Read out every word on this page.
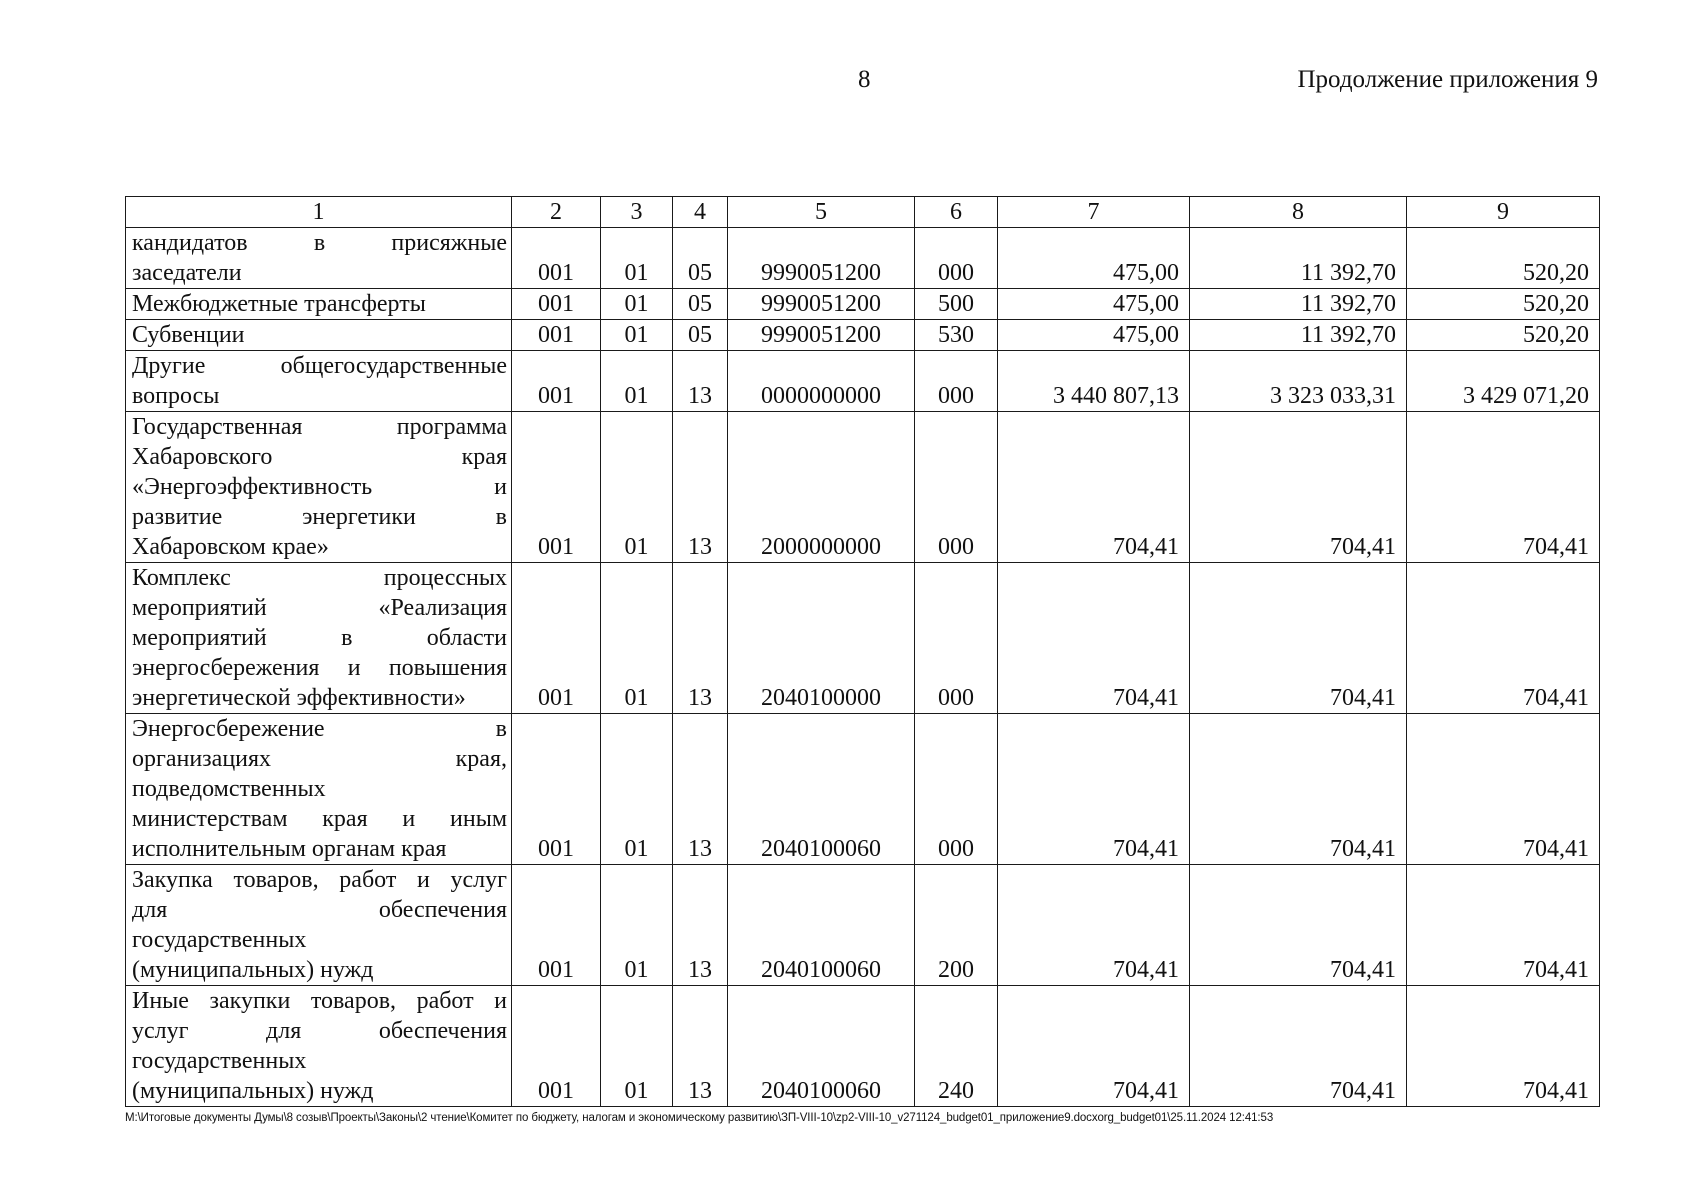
8	Продолжение приложения 9
1	2	3	4	5	6	7	8	9

кандидатов в присяжные
заседатели	001	01	05	9990051200	000	475,00	11 392,70	520,20

Межбюджетные трансферты	001	01	05	9990051200	500	475,00	11 392,70	520,20

Субвенции	001	01	05	9990051200	530	475,00	11 392,70	520,20

Другие общегосударственные
вопросы	001	01	13	0000000000	000	3 440 807,13	3 323 033,31	3 429 071,20

Государственная программа
Хабаровского края
«Энергоэффективность и
развитие энергетики в
Хабаровском крае»	001	01	13	2000000000	000	704,41	704,41	704,41

Комплекс процессных
мероприятий «Реализация
мероприятий в области
энергосбережения и повышения
энергетической эффективности»	001	01	13	2040100000	000	704,41	704,41	704,41

Энергосбережение в
организациях края,
подведомственных
министерствам края и иным
исполнительным органам края	001	01	13	2040100060	000	704,41	704,41	704,41

Закупка товаров, работ и услуг
для обеспечения
государственных
(муниципальных) нужд	001	01	13	2040100060	200	704,41	704,41	704,41

Иные закупки товаров, работ и
услуг для обеспечения
государственных
(муниципальных) нужд	001	01	13	2040100060	240	704,41	704,41	704,41
M:\Итоговые документы Думы\8 созыв\Проекты\Законы\2 чтение\Комитет по бюджету, налогам и экономическому развитию\ЗП-VIII-10\zp2-VIII-10_v271124_budget01_приложение9.docxorg_budget01\25.11.2024 12:41:53
